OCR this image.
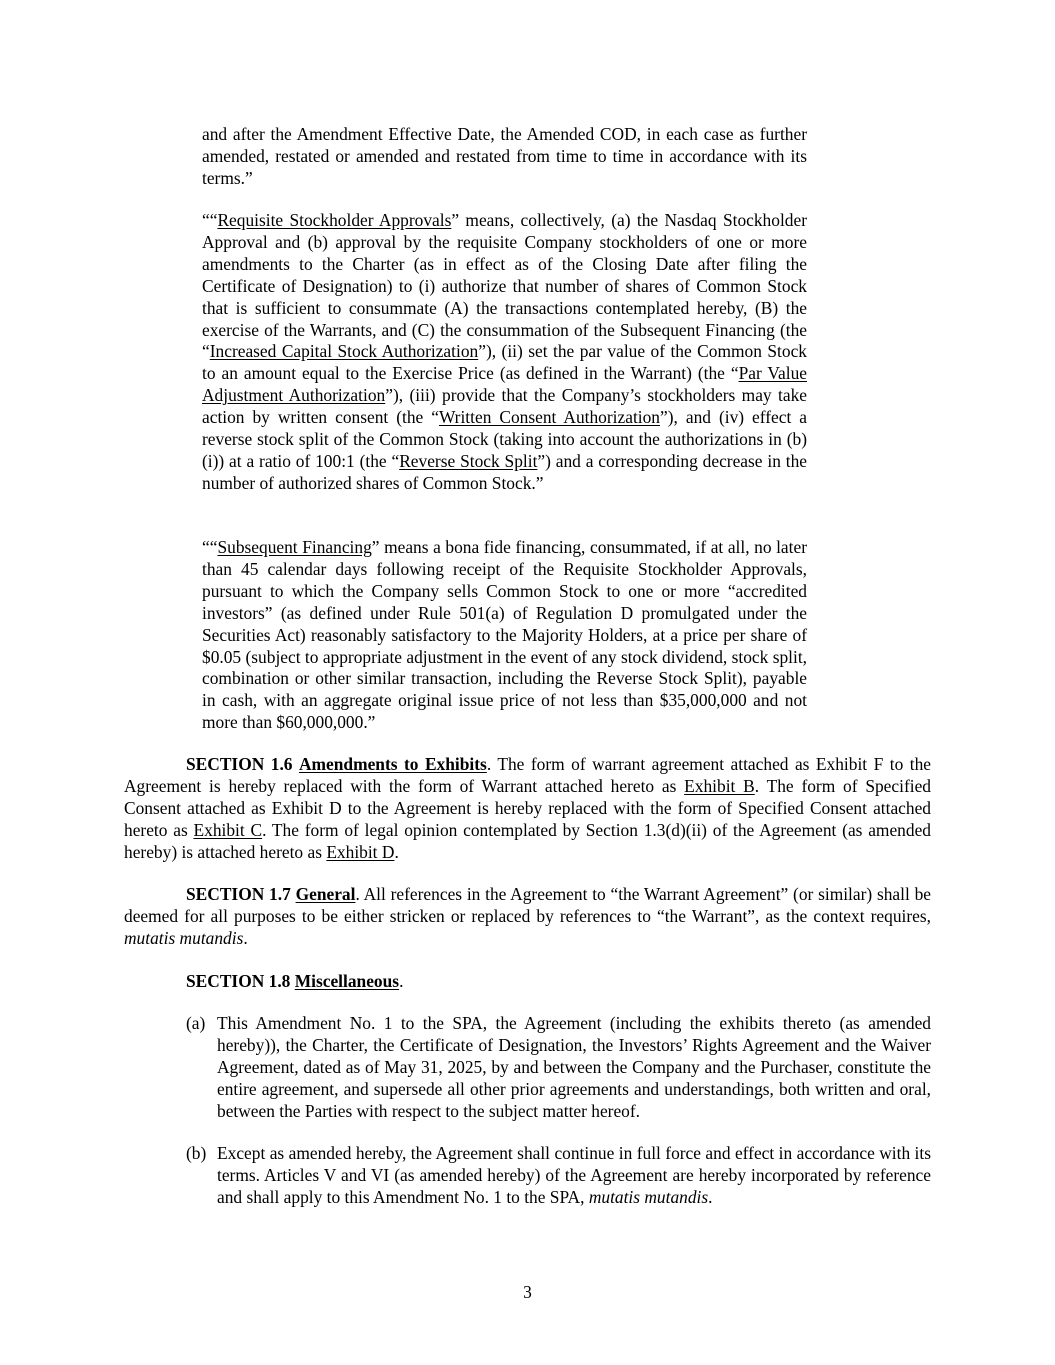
and after the Amendment Effective Date, the Amended COD, in each case as further amended, restated or amended and restated from time to time in accordance with its terms.”

““Requisite Stockholder Approvals” means, collectively, (a) the Nasdaq Stockholder Approval and (b) approval by the requisite Company stockholders of one or more amendments to the Charter (as in effect as of the Closing Date after filing the Certificate of Designation) to (i) authorize that number of shares of Common Stock that is sufficient to consummate (A) the transactions contemplated hereby, (B) the exercise of the Warrants, and (C) the consummation of the Subsequent Financing (the “Increased Capital Stock Authorization”), (ii) set the par value of the Common Stock to an amount equal to the Exercise Price (as defined in the Warrant) (the “Par Value Adjustment Authorization”), (iii) provide that the Company’s stockholders may take action by written consent (the “Written Consent Authorization”), and (iv) effect a reverse stock split of the Common Stock (taking into account the authorizations in (b)(i)) at a ratio of 100:1 (the “Reverse Stock Split”) and a corresponding decrease in the number of authorized shares of Common Stock.”

““Subsequent Financing” means a bona fide financing, consummated, if at all, no later than 45 calendar days following receipt of the Requisite Stockholder Approvals, pursuant to which the Company sells Common Stock to one or more “accredited investors” (as defined under Rule 501(a) of Regulation D promulgated under the Securities Act) reasonably satisfactory to the Majority Holders, at a price per share of $0.05 (subject to appropriate adjustment in the event of any stock dividend, stock split, combination or other similar transaction, including the Reverse Stock Split), payable in cash, with an aggregate original issue price of not less than $35,000,000 and not more than $60,000,000.”

SECTION 1.6 Amendments to Exhibits. The form of warrant agreement attached as Exhibit F to the Agreement is hereby replaced with the form of Warrant attached hereto as Exhibit B. The form of Specified Consent attached as Exhibit D to the Agreement is hereby replaced with the form of Specified Consent attached hereto as Exhibit C. The form of legal opinion contemplated by Section 1.3(d)(ii) of the Agreement (as amended hereby) is attached hereto as Exhibit D.

SECTION 1.7 General. All references in the Agreement to “the Warrant Agreement” (or similar) shall be deemed for all purposes to be either stricken or replaced by references to “the Warrant”, as the context requires, mutatis mutandis.

SECTION 1.8 Miscellaneous.

(a) This Amendment No. 1 to the SPA, the Agreement (including the exhibits thereto (as amended hereby)), the Charter, the Certificate of Designation, the Investors’ Rights Agreement and the Waiver Agreement, dated as of May 31, 2025, by and between the Company and the Purchaser, constitute the entire agreement, and supersede all other prior agreements and understandings, both written and oral, between the Parties with respect to the subject matter hereof.
(b) Except as amended hereby, the Agreement shall continue in full force and effect in accordance with its terms. Articles V and VI (as amended hereby) of the Agreement are hereby incorporated by reference and shall apply to this Amendment No. 1 to the SPA, mutatis mutandis.
3
